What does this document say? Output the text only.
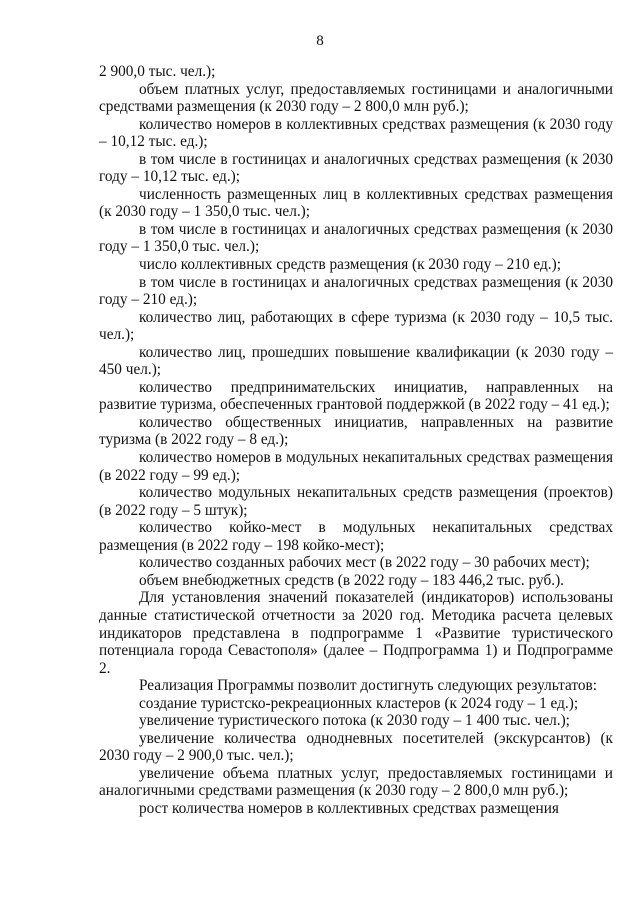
8

2 900,0 тыс. чел.);

объем платных услуг, предоставляемых гостиницами и аналогичными средствами размещения (к 2030 году – 2 800,0 млн руб.);

количество номеров в коллективных средствах размещения (к 2030 году – 10,12 тыс. ед.);

в том числе в гостиницах и аналогичных средствах размещения (к 2030 году – 10,12 тыс. ед.);

численность размещенных лиц в коллективных средствах размещения (к 2030 году – 1 350,0 тыс. чел.);

в том числе в гостиницах и аналогичных средствах размещения (к 2030 году – 1 350,0 тыс. чел.);

число коллективных средств размещения (к 2030 году – 210 ед.);

в том числе в гостиницах и аналогичных средствах размещения (к 2030 году – 210 ед.);

количество лиц, работающих в сфере туризма (к 2030 году – 10,5 тыс. чел.);

количество лиц, прошедших повышение квалификации (к 2030 году – 450 чел.);

количество предпринимательских инициатив, направленных на развитие туризма, обеспеченных грантовой поддержкой (в 2022 году – 41 ед.);

количество общественных инициатив, направленных на развитие туризма (в 2022 году – 8 ед.);

количество номеров в модульных некапитальных средствах размещения (в 2022 году – 99 ед.);

количество модульных некапитальных средств размещения (проектов) (в 2022 году – 5 штук);

количество койко-мест в модульных некапитальных средствах размещения (в 2022 году – 198 койко-мест);

количество созданных рабочих мест (в 2022 году – 30 рабочих мест);

объем внебюджетных средств (в 2022 году – 183 446,2 тыс. руб.).

Для установления значений показателей (индикаторов) использованы данные статистической отчетности за 2020 год. Методика расчета целевых индикаторов представлена в подпрограмме 1 «Развитие туристического потенциала города Севастополя» (далее – Подпрограмма 1) и Подпрограмме 2.

Реализация Программы позволит достигнуть следующих результатов:

создание туристско-рекреационных кластеров (к 2024 году – 1 ед.);

увеличение туристического потока (к 2030 году – 1 400 тыс. чел.);

увеличение количества однодневных посетителей (экскурсантов) (к 2030 году – 2 900,0 тыс. чел.);

увеличение объема платных услуг, предоставляемых гостиницами и аналогичными средствами размещения (к 2030 году – 2 800,0 млн руб.);

рост количества номеров в коллективных средствах размещения
